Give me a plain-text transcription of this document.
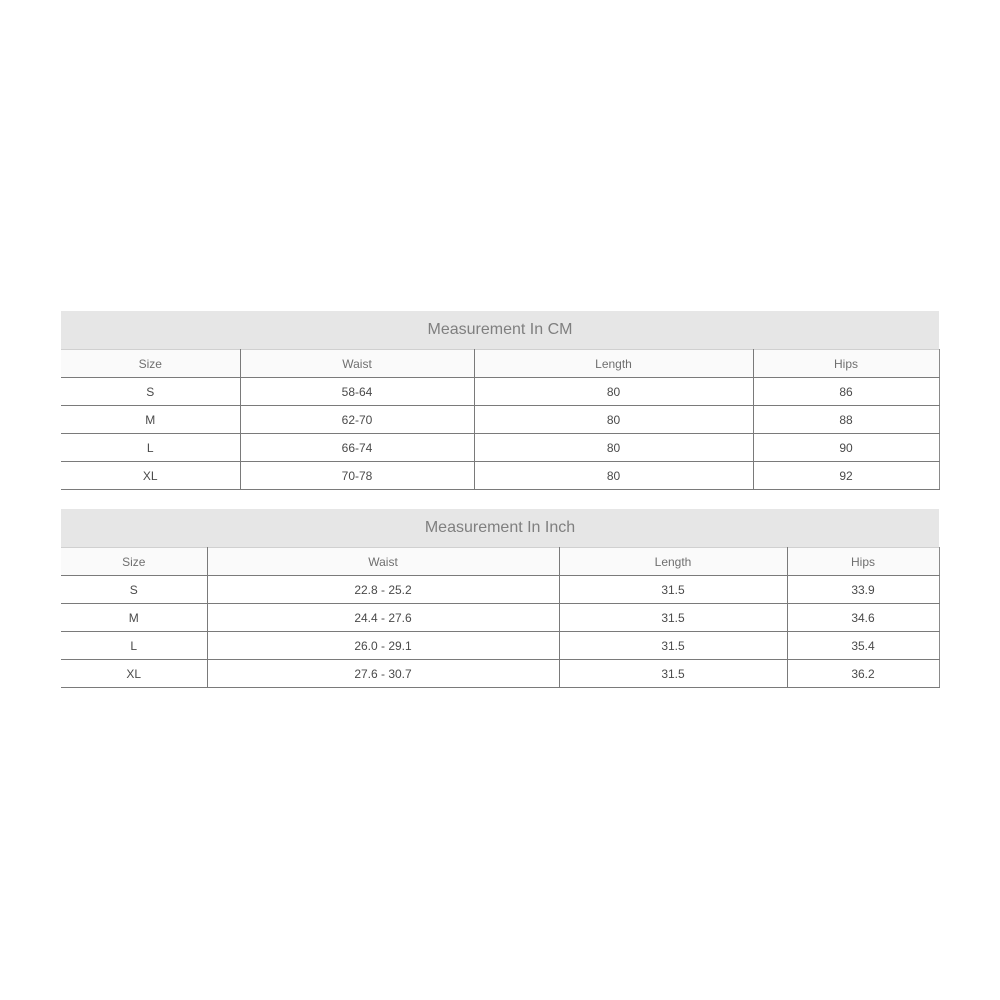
Measurement In CM
Size	Waist	Length	Hips
S	58-64	80	86
M	62-70	80	88
L	66-74	80	90
XL	70-78	80	92
Measurement In Inch
Size	Waist	Length	Hips
S	22.8 - 25.2	31.5	33.9
M	24.4 - 27.6	31.5	34.6
L	26.0 - 29.1	31.5	35.4
XL	27.6 - 30.7	31.5	36.2
